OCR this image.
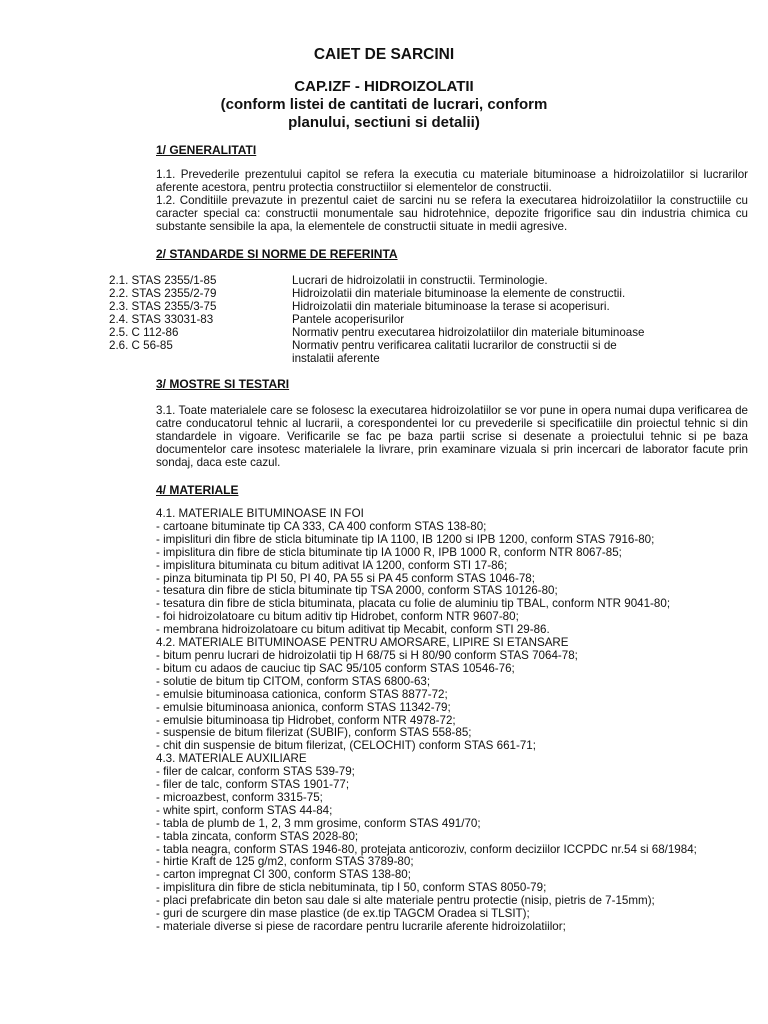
CAIET DE SARCINI
CAP.IZF - HIDROIZOLATII
(conform listei de cantitati de lucrari, conform
planului, sectiuni si detalii)
1/ GENERALITATI
1.1. Prevederile prezentului capitol se refera la executia cu materiale bituminoase a hidroizolatiilor si lucrarilor aferente acestora, pentru protectia constructiilor si elementelor de constructii.
1.2. Conditiile prevazute in prezentul caiet de sarcini nu se refera la executarea hidroizolatiilor la constructiile cu caracter special ca: constructii monumentale sau hidrotehnice, depozite frigorifice sau din industria chimica cu substante sensibile la apa, la elementele de constructii situate in medii agresive.
2/ STANDARDE SI NORME DE REFERINTA
2.1. STAS 2355/1-85	Lucrari de hidroizolatii in constructii. Terminologie.
2.2. STAS 2355/2-79	Hidroizolatii din materiale bituminoase la elemente de constructii.
2.3. STAS 2355/3-75	Hidroizolatii din materiale bituminoase la terase si acoperisuri.
2.4. STAS 33031-83	Pantele acoperisurilor
2.5. C 112-86	Normativ pentru executarea hidroizolatiilor din materiale bituminoase
2.6. C 56-85	Normativ pentru verificarea calitatii lucrarilor de constructii si de instalatii aferente
3/ MOSTRE SI TESTARI
3.1. Toate materialele care se folosesc la executarea hidroizolatiilor se vor pune in opera numai dupa verificarea de catre conducatorul tehnic al lucrarii, a corespondentei lor cu prevederile si specificatiile din proiectul tehnic si din standardele in vigoare. Verificarile se fac pe baza partii scrise si desenate a proiectului tehnic si pe baza documentelor care insotesc materialele la livrare, prin examinare vizuala si prin incercari de laborator facute prin sondaj, daca este cazul.
4/ MATERIALE
4.1. MATERIALE BITUMINOASE IN FOI
- cartoane bituminate tip CA 333, CA 400 conform STAS 138-80;
- impislituri din fibre de sticla bituminate tip IA 1100, IB 1200 si IPB 1200, conform STAS 7916-80;
- impislitura din fibre de sticla bituminate tip IA 1000 R, IPB 1000 R, conform NTR 8067-85;
- impislitura bituminata cu bitum aditivat IA 1200, conform STI 17-86;
- pinza bituminata tip PI 50, PI 40, PA 55 si PA 45 conform STAS 1046-78;
- tesatura din fibre de sticla bituminate tip TSA 2000, conform STAS 10126-80;
- tesatura din fibre de sticla bituminata, placata cu folie de aluminiu tip TBAL, conform NTR 9041-80;
- foi hidroizolatoare cu bitum aditiv tip Hidrobet, conform NTR 9607-80;
- membrana hidroizolatoare cu bitum aditivat tip Mecabit, conform STI 29-86.
4.2. MATERIALE BITUMINOASE PENTRU AMORSARE, LIPIRE SI ETANSARE
- bitum penru lucrari de hidroizolatii tip H 68/75 si H 80/90 conform STAS 7064-78;
- bitum cu adaos de cauciuc tip SAC 95/105 conform STAS 10546-76;
- solutie de bitum tip CITOM, conform STAS 6800-63;
- emulsie bituminoasa cationica, conform STAS 8877-72;
- emulsie bituminoasa anionica, conform STAS 11342-79;
- emulsie bituminoasa tip Hidrobet, conform NTR 4978-72;
- suspensie de bitum filerizat (SUBIF), conform STAS 558-85;
- chit din suspensie de bitum filerizat, (CELOCHIT) conform STAS 661-71;
4.3. MATERIALE AUXILIARE
- filer de calcar, conform STAS 539-79;
- filer de talc, conform STAS 1901-77;
- microazbest, conform 3315-75;
- white spirt, conform STAS 44-84;
- tabla de plumb de 1, 2, 3 mm grosime, conform STAS 491/70;
- tabla zincata, conform STAS 2028-80;
- tabla neagra, conform STAS 1946-80, protejata anticoroziv, conform deciziilor ICCPDC nr.54 si 68/1984;
- hirtie Kraft de 125 g/m2, conform STAS 3789-80;
- carton impregnat CI 300, conform STAS 138-80;
- impislitura din fibre de sticla nebituminata, tip I 50, conform STAS 8050-79;
- placi prefabricate din beton sau dale si alte materiale pentru protectie (nisip, pietris de 7-15mm);
- guri de scurgere din mase plastice (de ex.tip TAGCM Oradea si TLSIT);
- materiale diverse si piese de racordare pentru lucrarile aferente hidroizolatiilor;
